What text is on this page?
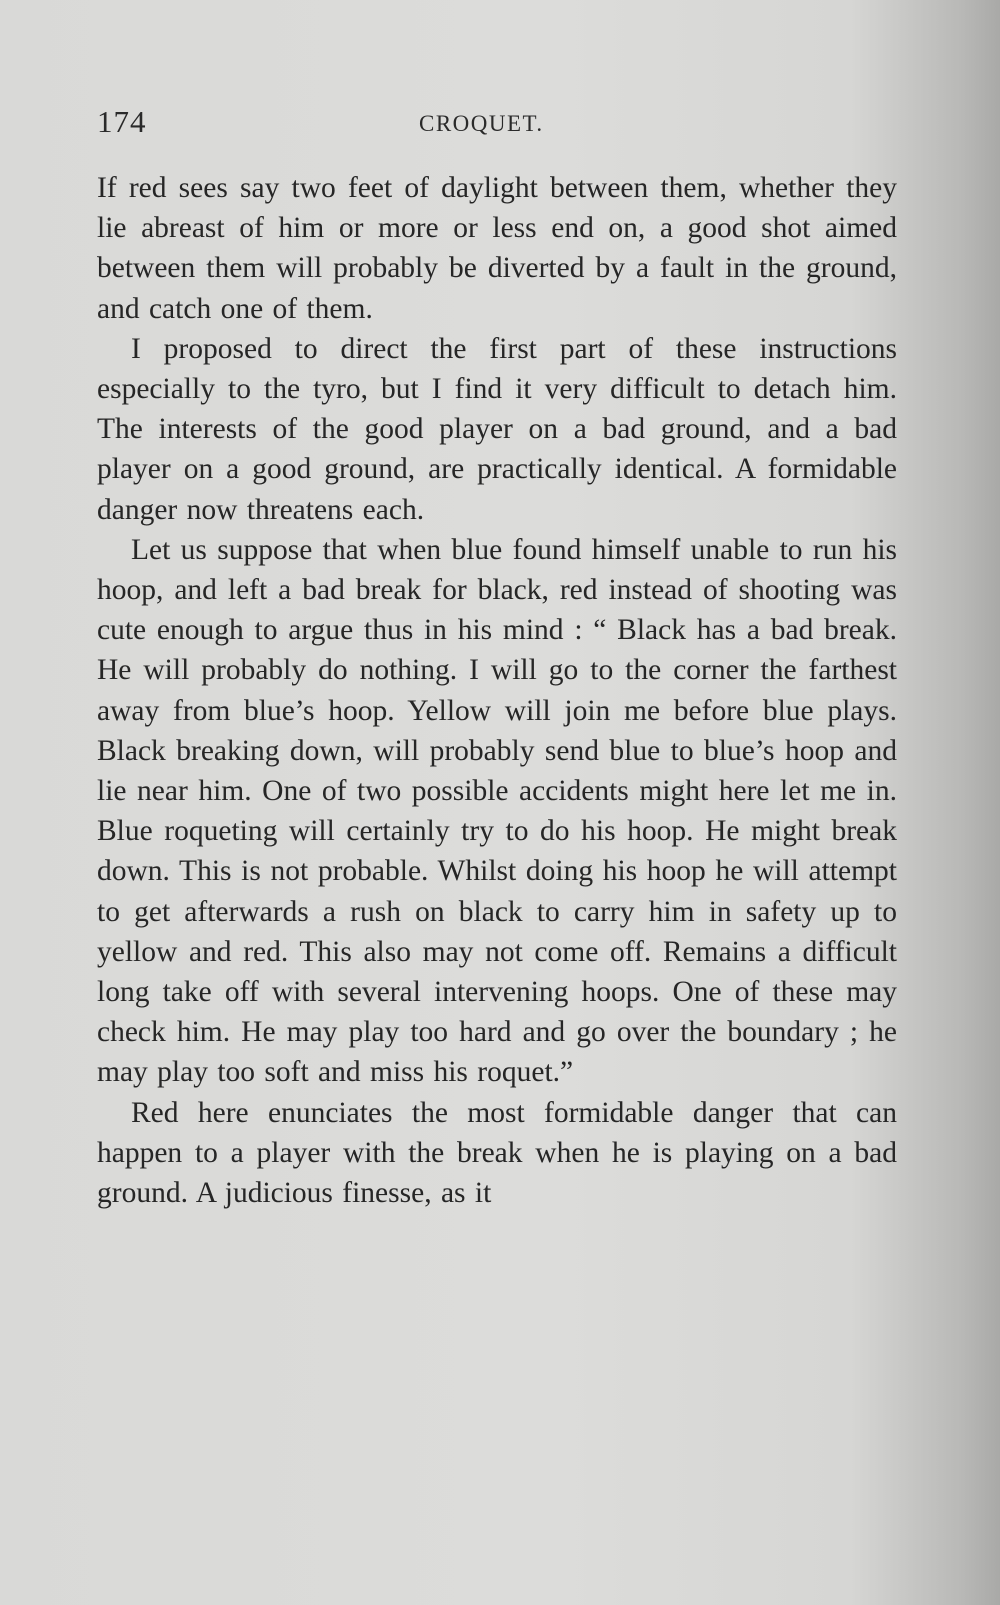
174	CROQUET.

If red sees say two feet of daylight between them, whether they lie abreast of him or more or less end on, a good shot aimed between them will probably be diverted by a fault in the ground, and catch one of them.

I proposed to direct the first part of these instructions especially to the tyro, but I find it very difficult to detach him. The interests of the good player on a bad ground, and a bad player on a good ground, are practically identical. A formidable danger now threatens each.

Let us suppose that when blue found himself unable to run his hoop, and left a bad break for black, red instead of shooting was cute enough to argue thus in his mind : “ Black has a bad break. He will probably do nothing. I will go to the corner the farthest away from blue’s hoop. Yellow will join me before blue plays. Black breaking down, will probably send blue to blue’s hoop and lie near him. One of two possible accidents might here let me in. Blue roqueting will certainly try to do his hoop. He might break down. This is not probable. Whilst doing his hoop he will attempt to get afterwards a rush on black to carry him in safety up to yellow and red. This also may not come off. Remains a difficult long take off with several intervening hoops. One of these may check him. He may play too hard and go over the boundary ; he may play too soft and miss his roquet.”

Red here enunciates the most formidable danger that can happen to a player with the break when he is playing on a bad ground. A judicious finesse, as it
